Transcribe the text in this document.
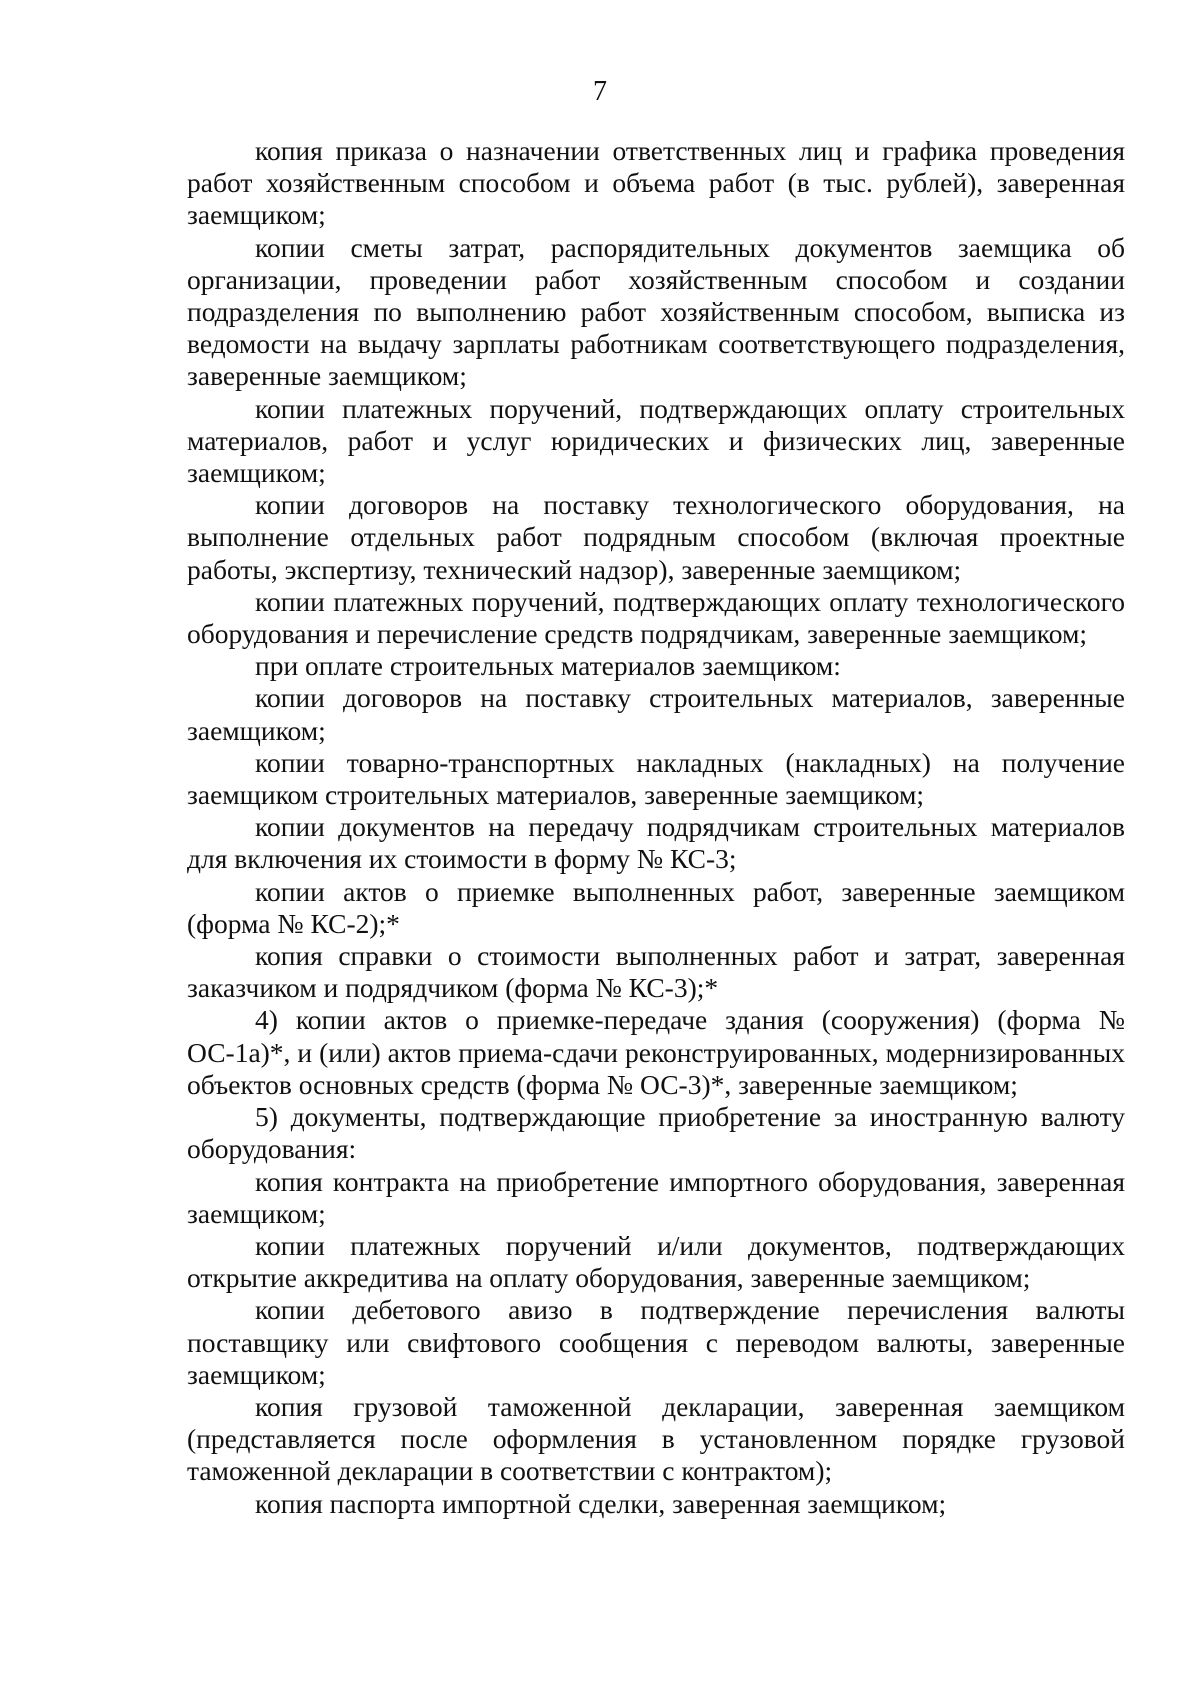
7

копия приказа о назначении ответственных лиц и графика проведения работ хозяйственным способом и объема работ (в тыс. рублей), заверенная заемщиком;

копии сметы затрат, распорядительных документов заемщика об организации, проведении работ хозяйственным способом и создании подразделения по выполнению работ хозяйственным способом, выписка из ведомости на выдачу зарплаты работникам соответствующего подразделения, заверенные заемщиком;

копии платежных поручений, подтверждающих оплату строительных материалов, работ и услуг юридических и физических лиц, заверенные заемщиком;

копии договоров на поставку технологического оборудования, на выполнение отдельных работ подрядным способом (включая проектные работы, экспертизу, технический надзор), заверенные заемщиком;

копии платежных поручений, подтверждающих оплату технологического оборудования и перечисление средств подрядчикам, заверенные заемщиком;

при оплате строительных материалов заемщиком:

копии договоров на поставку строительных материалов, заверенные заемщиком;

копии товарно-транспортных накладных (накладных) на получение заемщиком строительных материалов, заверенные заемщиком;

копии документов на передачу подрядчикам строительных материалов для включения их стоимости в форму № КС-3;

копии актов о приемке выполненных работ, заверенные заемщиком (форма № КС-2);*

копия справки о стоимости выполненных работ и затрат, заверенная заказчиком и подрядчиком (форма № КС-3);*

4) копии актов о приемке-передаче здания (сооружения) (форма № ОС-1а)*, и (или) актов приема-сдачи реконструированных, модернизированных объектов основных средств (форма № ОС-3)*, заверенные заемщиком;

5) документы, подтверждающие приобретение за иностранную валюту оборудования:

копия контракта на приобретение импортного оборудования, заверенная заемщиком;

копии платежных поручений и/или документов, подтверждающих открытие аккредитива на оплату оборудования, заверенные заемщиком;

копии дебетового авизо в подтверждение перечисления валюты поставщику или свифтового сообщения с переводом валюты, заверенные заемщиком;

копия грузовой таможенной декларации, заверенная заемщиком (представляется после оформления в установленном порядке грузовой таможенной декларации в соответствии с контрактом);

копия паспорта импортной сделки, заверенная заемщиком;
